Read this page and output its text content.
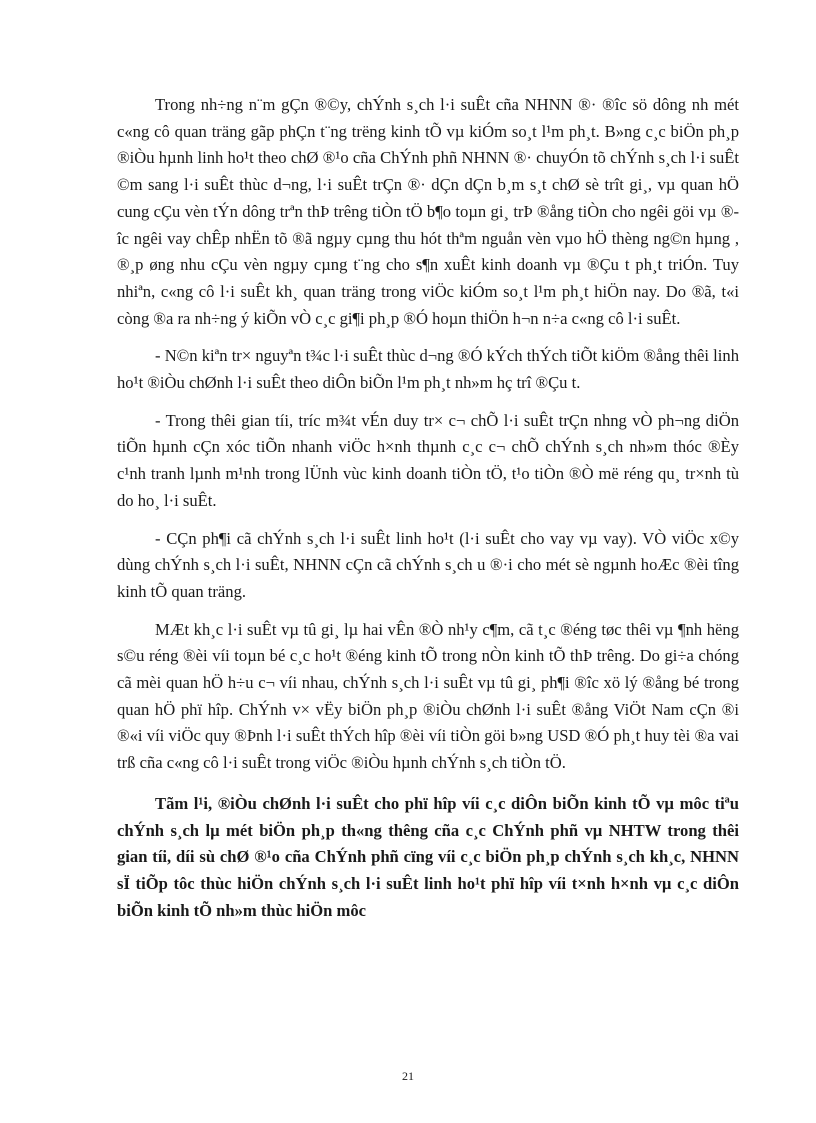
Trong nh÷ng n¨m gÇn ®©y, chÝnh s¸ch l·i suÊt cña NHNN ®· ®îc sö dông nh mét c«ng cô quan träng gãp phÇn t¨ng trëng kinh tÕ vµ kiÓm so¸t l¹m ph¸t. B»ng c¸c biÖn ph¸p ®iÒu hµnh linh ho¹t theo chØ ®¹o cña ChÝnh phñ NHNN ®· chuyÓn tõ chÝnh s¸ch l·i suÊt ©m sang l·i suÊt thùc d¬ng, l·i suÊt trÇn ®· dÇn dÇn b¸m s¸t chØ sè trît gi¸, vµ quan hÖ cung cÇu vèn tÝn dông trªn thÞ trêng tiÒn tÖ b¶o toµn gi¸ trÞ ®ång tiÒn cho ngêi göi vµ ®îc ngêi vay chÊp nhËn tõ ®ã ngµy cµng thu hót thªm nguån vèn vµo hÖ thèng ng©n hµng , ®¸p øng nhu cÇu vèn ngµy cµng t¨ng cho s¶n xuÊt kinh doanh vµ ®Çu t ph¸t triÓn. Tuy nhiªn, c«ng cô l·i suÊt kh¸ quan träng trong viÖc kiÓm so¸t l¹m ph¸t hiÖn nay. Do ®ã, t«i còng ®a ra nh÷ng ý kiÕn vÒ c¸c gi¶i ph¸p ®Ó hoµn thiÖn h¬n n÷a c«ng cô l·i suÊt.

- N©n kiªn tr× nguyªn t¾c l·i suÊt thùc d¬ng ®Ó kÝch thÝch tiÕt kiÖm ®ång thêi linh ho¹t ®iÒu chØnh l·i suÊt theo diÔn biÕn l¹m ph¸t nh»m hç trî ®Çu t.

- Trong thêi gian tíi, tríc m¾t vÉn duy tr× c¬ chÕ l·i suÊt trÇn nhng vÒ ph¬ng diÖn tiÕn hµnh cÇn xóc tiÕn nhanh viÖc h×nh thµnh c¸c c¬ chÕ chÝnh s¸ch nh»m thóc ®Èy c¹nh tranh lµnh m¹nh trong lÜnh vùc kinh doanh tiÒn tÖ, t¹o tiÒn ®Ò më réng qu¸ tr×nh tù do ho¸ l·i suÊt.

- CÇn ph¶i cã chÝnh s¸ch l·i suÊt linh ho¹t (l·i suÊt cho vay vµ vay). VÒ viÖc x©y dùng chÝnh s¸ch l·i suÊt, NHNN cÇn cã chÝnh s¸ch u ®·i cho mét sè ngµnh hoÆc ®èi tîng kinh tÕ quan träng.

MÆt kh¸c l·i suÊt vµ tû gi¸ lµ hai vÊn ®Ò nh¹y c¶m, cã t¸c ®éng tøc thêi vµ ¶nh hëng s©u réng ®èi víi toµn bé c¸c ho¹t ®éng kinh tÕ trong nÒn kinh tÕ thÞ trêng. Do gi÷a chóng cã mèi quan hÖ h÷u c¬ víi nhau, chÝnh s¸ch l·i suÊt vµ tû gi¸ ph¶i ®îc xö lý ®ång bé trong quan hÖ phï hîp. ChÝnh v× vËy biÖn ph¸p ®iÒu chØnh l·i suÊt ®ång ViÖt Nam cÇn ®i ®«i víi viÖc quy ®Þnh l·i suÊt thÝch hîp ®èi víi tiÒn göi b»ng USD ®Ó ph¸t huy tèi ®a vai trß cña c«ng cô l·i suÊt trong viÖc ®iÒu hµnh chÝnh s¸ch tiÒn tÖ.

Tãm l¹i, ®iÒu chØnh l·i suÊt cho phï hîp víi c¸c diÔn biÕn kinh tÕ vµ môc tiªu chÝnh s¸ch lµ mét biÖn ph¸p th«ng thêng cña c¸c ChÝnh phñ vµ NHTW trong thêi gian tíi, díi sù chØ ®¹o cña ChÝnh phñ cïng víi c¸c biÖn ph¸p chÝnh s¸ch kh¸c, NHNN sÏ tiÕp tôc thùc hiÖn chÝnh s¸ch l·i suÊt linh ho¹t phï hîp víi t×nh h×nh vµ c¸c diÔn biÕn kinh tÕ nh»m thùc hiÖn môc

21
